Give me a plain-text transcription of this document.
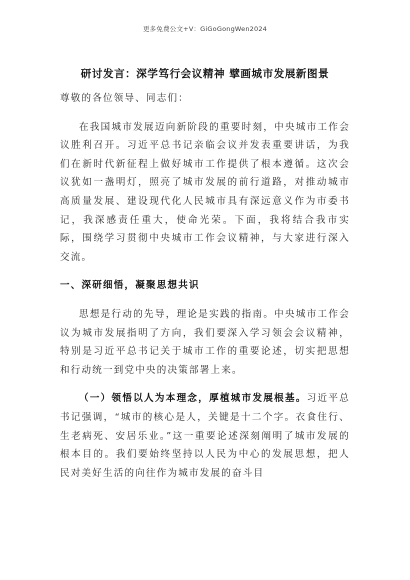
更多免费公文+V：GiGoGongWen2024
研讨发言：深学笃行会议精神 擘画城市发展新图景

尊敬的各位领导、同志们：

在我国城市发展迈向新阶段的重要时刻，中央城市工作会议胜利召开。习近平总书记亲临会议并发表重要讲话，为我们在新时代新征程上做好城市工作提供了根本遵循。这次会议犹如一盏明灯，照亮了城市发展的前行道路，对推动城市高质量发展、建设现代化人民城市具有深远意义作为市委书记，我深感责任重大，使命光荣。下面，我将结合我市实际，围绕学习贯彻中央城市工作会议精神，与大家进行深入交流。

一、深研细悟，凝聚思想共识

思想是行动的先导，理论是实践的指南。中央城市工作会议为城市发展指明了方向，我们要深入学习领会会议精神，特别是习近平总书记关于城市工作的重要论述，切实把思想和行动统一到党中央的决策部署上来。

（一）领悟以人为本理念，厚植城市发展根基。习近平总书记强调，“城市的核心是人，关键是十二个字。衣食住行、生老病死、安居乐业。”这一重要论述深刻阐明了城市发展的根本目的。我们要始终坚持以人民为中心的发展思想，把人民对美好生活的向往作为城市发展的奋斗目
